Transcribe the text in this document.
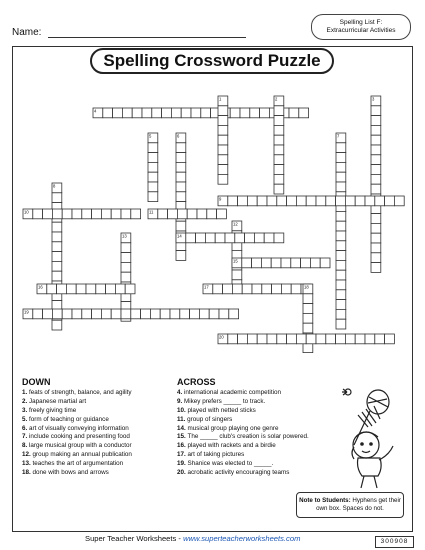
Name:
Spelling List F:
Extracurricular Activities
Spelling Crossword Puzzle
4
1	2	3
5	6	7
8
9
10	11
12
13	14
15
16	17	18
19
20
DOWN
1. feats of strength, balance, and agility
2. Japanese martial art
3. freely giving time
5. form of teaching or guidance
6. art of visually conveying information
7. include cooking and presenting food
8. large musical group with a conductor
12. group making an annual publication
13. teaches the art of argumentation
18. done with bows and arrows
ACROSS
4. international academic competition
9. Mikey prefers _____ to track.
10. played with netted sticks
11. group of singers
14. musical group playing one genre
15. The _____ club's creation is solar powered.
16. played with rackets and a birdie
17. art of taking pictures
19. Shanice was elected to _____.
20. acrobatic activity encouraging teams
Note to Students: Hyphens get their own box. Spaces do not.
Super Teacher Worksheets - www.superteacherworksheets.com	300908
